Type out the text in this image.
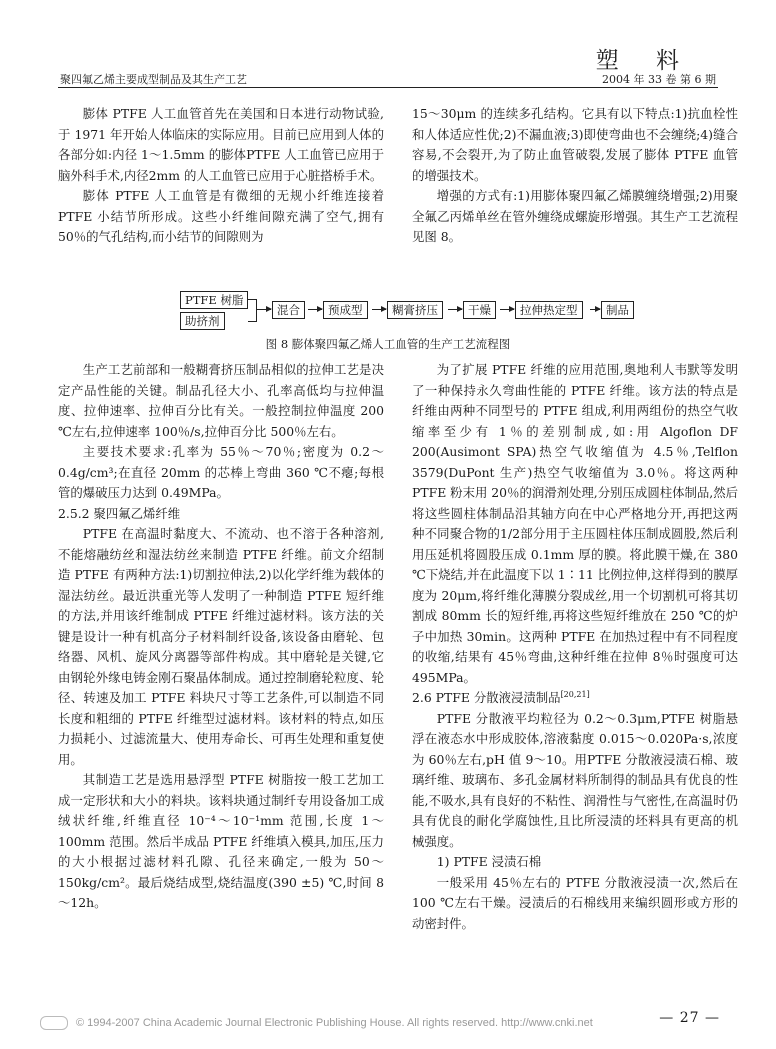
塑 料
聚四氟乙烯主要成型制品及其生产工艺	2004 年 33 卷 第 6 期

膨体 PTFE 人工血管首先在美国和日本进行动物试验,于 1971 年开始人体临床的实际应用。目前已应用到人体的各部分如:内径 1～1.5mm 的膨体PTFE 人工血管已应用于脑外科手术,内径2mm 的人工血管已应用于心脏搭桥手术。

膨体 PTFE 人工血管是有微细的无规小纤维连接着 PTFE 小结节所形成。这些小纤维间隙充满了空气,拥有 50％的气孔结构,而小结节的间隙则为

15～30μm 的连续多孔结构。它具有以下特点:1)抗血栓性和人体适应性优;2)不漏血液;3)即使弯曲也不会缠绕;4)缝合容易,不会裂开,为了防止血管破裂,发展了膨体 PTFE 血管的增强技术。

增强的方式有:1)用膨体聚四氟乙烯膜缠绕增强;2)用聚全氟乙丙烯单丝在管外缠绕成螺旋形增强。其生产工艺流程见图 8。

PTFE 树脂
助挤剂
混合	预成型	糊膏挤压	干燥	拉伸热定型	制品
图 8 膨体聚四氟乙烯人工血管的生产工艺流程图

生产工艺前部和一般糊膏挤压制品相似的拉伸工艺是决定产品性能的关键。制品孔径大小、孔率高低均与拉伸温度、拉伸速率、拉伸百分比有关。一般控制拉伸温度 200 ℃左右,拉伸速率 100％/s,拉伸百分比 500％左右。

主要技术要求:孔率为 55％～70％;密度为 0.2～0.4g/cm³;在直径 20mm 的芯棒上弯曲 360 ℃不瘪;每根管的爆破压力达到 0.49MPa。

2.5.2 聚四氟乙烯纤维

PTFE 在高温时黏度大、不流动、也不溶于各种溶剂,不能熔融纺丝和湿法纺丝来制造 PTFE 纤维。前文介绍制造 PTFE 有两种方法:1)切割拉伸法,2)以化学纤维为载体的湿法纺丝。最近洪重光等人发明了一种制造 PTFE 短纤维的方法,并用该纤维制成 PTFE 纤维过滤材料。该方法的关键是设计一种有机高分子材料制纤设备,该设备由磨轮、包络器、风机、旋风分离器等部件构成。其中磨轮是关键,它由钢轮外缘电铸金刚石聚晶体制成。通过控制磨轮粒度、轮径、转速及加工 PTFE 料块尺寸等工艺条件,可以制造不同长度和粗细的 PTFE 纤维型过滤材料。该材料的特点,如压力损耗小、过滤流量大、使用寿命长、可再生处理和重复使用。

其制造工艺是选用悬浮型 PTFE 树脂按一般工艺加工成一定形状和大小的料块。该料块通过制纤专用设备加工成绒状纤维,纤维直径 10⁻⁴～10⁻¹mm 范围,长度 1～100mm 范围。然后半成品 PTFE 纤维填入模具,加压,压力的大小根据过滤材料孔隙、孔径来确定,一般为 50～150kg/cm²。最后烧结成型,烧结温度(390 ±5) ℃,时间 8～12h。

为了扩展 PTFE 纤维的应用范围,奥地利人韦默等发明了一种保持永久弯曲性能的 PTFE 纤维。该方法的特点是纤维由两种不同型号的 PTFE 组成,利用两组份的热空气收缩率至少有 1％的差别制成,如:用 Algoflon DF 200(Ausimont SPA)热空气收缩值为 4.5％,Telflon 3579(DuPont 生产)热空气收缩值为 3.0％。将这两种 PTFE 粉末用 20％的润滑剂处理,分别压成圆柱体制品,然后将这些圆柱体制品沿其轴方向在中心严格地分开,再把这两种不同聚合物的1/2部分用于主压圆柱体压制成圆股,然后利用压延机将圆股压成 0.1mm 厚的膜。将此膜干燥,在 380 ℃下烧结,并在此温度下以 1∶11 比例拉伸,这样得到的膜厚度为 20μm,将纤维化薄膜分裂成丝,用一个切割机可将其切割成 80mm 长的短纤维,再将这些短纤维放在 250 ℃的炉子中加热 30min。这两种 PTFE 在加热过程中有不同程度的收缩,结果有 45％弯曲,这种纤维在拉伸 8％时强度可达 495MPa。

2.6 PTFE 分散液浸渍制品[20,21]

PTFE 分散液平均粒径为 0.2～0.3μm,PTFE 树脂悬浮在液态水中形成胶体,溶液黏度 0.015～0.020Pa·s,浓度为 60％左右,pH 值 9～10。用PTFE 分散液浸渍石棉、玻璃纤维、玻璃布、多孔金属材料所制得的制品具有优良的性能,不吸水,具有良好的不粘性、润滑性与气密性,在高温时仍具有优良的耐化学腐蚀性,且比所浸渍的坯料具有更高的机械强度。

1) PTFE 浸渍石棉

一般采用 45％左右的 PTFE 分散液浸渍一次,然后在 100 ℃左右干燥。浸渍后的石棉线用来编织圆形或方形的动密封件。

— 27 —
© 1994-2007 China Academic Journal Electronic Publishing House. All rights reserved. http://www.cnki.net
